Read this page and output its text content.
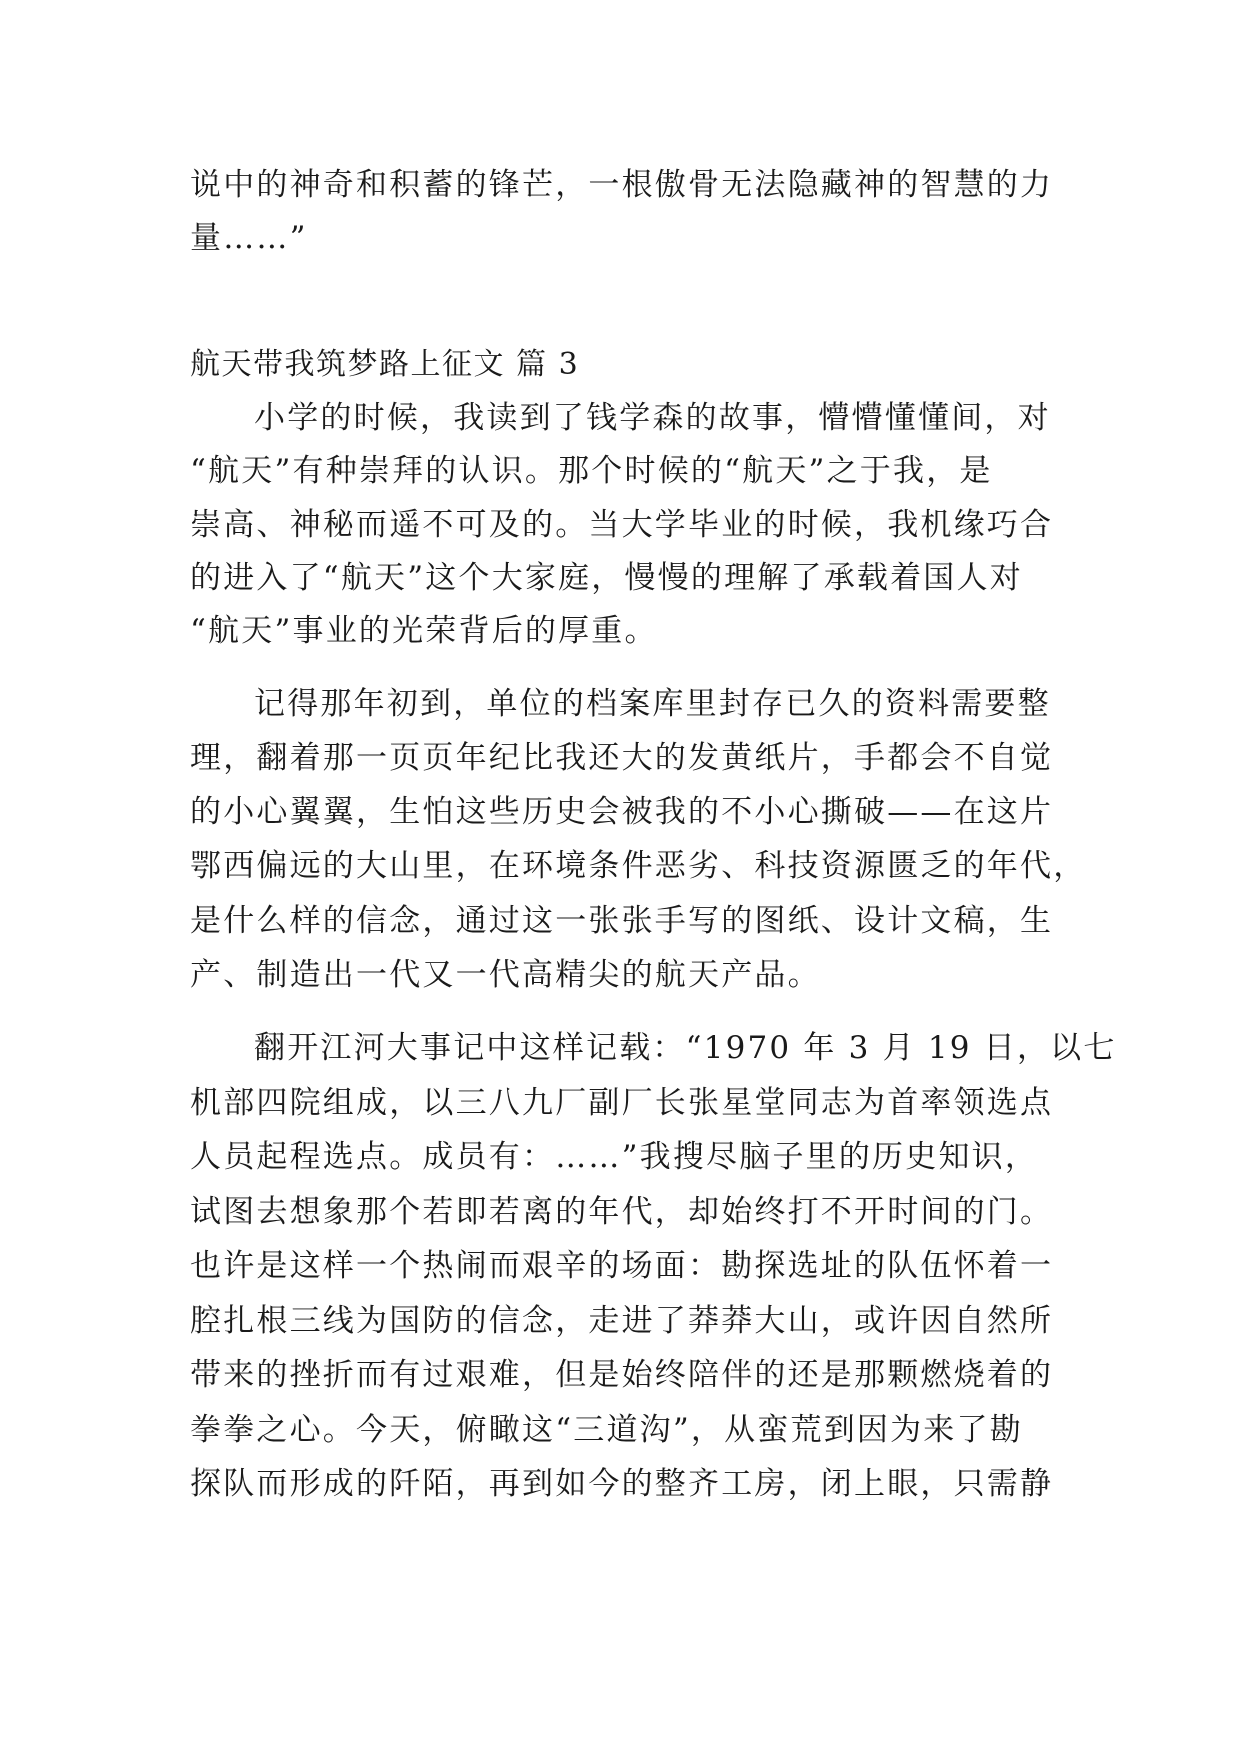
说中的神奇和积蓄的锋芒，一根傲骨无法隐藏神的智慧的力
量……”
航天带我筑梦路上征文 篇 3
小学的时候，我读到了钱学森的故事，懵懵懂懂间，对
“航天”有种崇拜的认识。那个时候的“航天”之于我，是
崇高、神秘而遥不可及的。当大学毕业的时候，我机缘巧合
的进入了“航天”这个大家庭，慢慢的理解了承载着国人对
“航天”事业的光荣背后的厚重。
记得那年初到，单位的档案库里封存已久的资料需要整
理，翻着那一页页年纪比我还大的发黄纸片，手都会不自觉
的小心翼翼，生怕这些历史会被我的不小心撕破——在这片
鄂西偏远的大山里，在环境条件恶劣、科技资源匮乏的年代，
是什么样的信念，通过这一张张手写的图纸、设计文稿，生
产、制造出一代又一代高精尖的航天产品。
翻开江河大事记中这样记载：“1970 年 3 月 19 日，以七
机部四院组成，以三八九厂副厂长张星堂同志为首率领选点
人员起程选点。成员有：……”我搜尽脑子里的历史知识，
试图去想象那个若即若离的年代，却始终打不开时间的门。
也许是这样一个热闹而艰辛的场面：勘探选址的队伍怀着一
腔扎根三线为国防的信念，走进了莽莽大山，或许因自然所
带来的挫折而有过艰难，但是始终陪伴的还是那颗燃烧着的
拳拳之心。今天，俯瞰这“三道沟”，从蛮荒到因为来了勘
探队而形成的阡陌，再到如今的整齐工房，闭上眼，只需静
